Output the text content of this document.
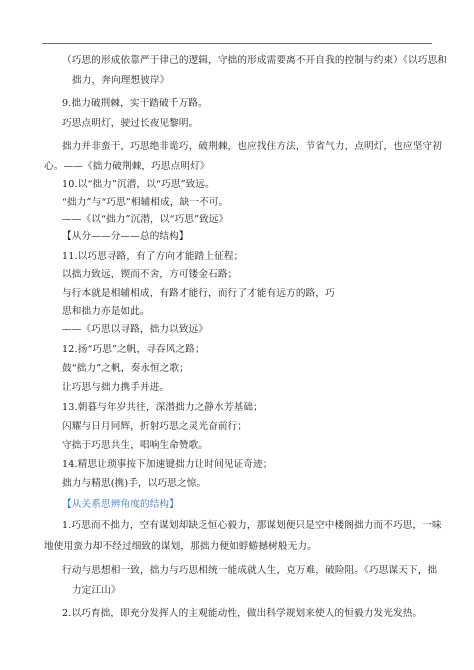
（巧思的形成依靠严于律己的逻辑，守拙的形成需要离不开自我的控制与约束）《以巧思和
拙力，奔向理想彼岸》
9.拙力破荆棘，实干踏破千万路。
巧思点明灯，驶过长夜见黎明。
拙力并非蛮干，巧思绝非诡巧，破荆棘，也应找住方法，节省气力，点明灯，也应坚守初
心。——《拙力破荆棘，巧思点明灯》
10.以“拙力”沉潜，以“巧思”致远。
“拙力”与“巧思”相辅相成，缺一不可。
——《以“拙力”沉潜，以“巧思”致远》
【从分——分——总的结构】
11.以巧思寻路，有了方向才能踏上征程；
以拙力致远，锲而不舍，方可镂金石路；
与行本就是相辅相成，有路才能行，而行了才能有远方的路，巧
思和拙力亦是如此。
——《巧思以寻路，拙力以致远》
12.扬“巧思”之帆，寻吞风之路；
鼓“拙力”之帆，奏永恒之歌；
让巧思与拙力携手并进。
13.朝暮与年岁共往，深潜拙力之静水芳基础；
闪耀与日月同辉，折射巧思之灵光奋前行；
守拙于巧思共生，唱响生命赞歌。
14.精思让琐事按下加速键拙力让时间见证奇迹；
拙力与精思(携)手，以巧思之惊。
【从关系思辨角度的结构】
1.巧思而不拙力，空有谋划却缺乏恒心毅力，那谋划便只是空中楼阁拙力而不巧思，一味
地使用蛮力却不经过细致的谋划，那拙力便如蜉蝣撼树般无力。
行动与思想相一致，拙力与巧思相统一能成就人生，克万难，破险阻。《巧思谋天下，拙
力定江山》
2.以巧育拙，即充分发挥人的主观能动性，做出科学规划来使人的恒毅力发光发热。
